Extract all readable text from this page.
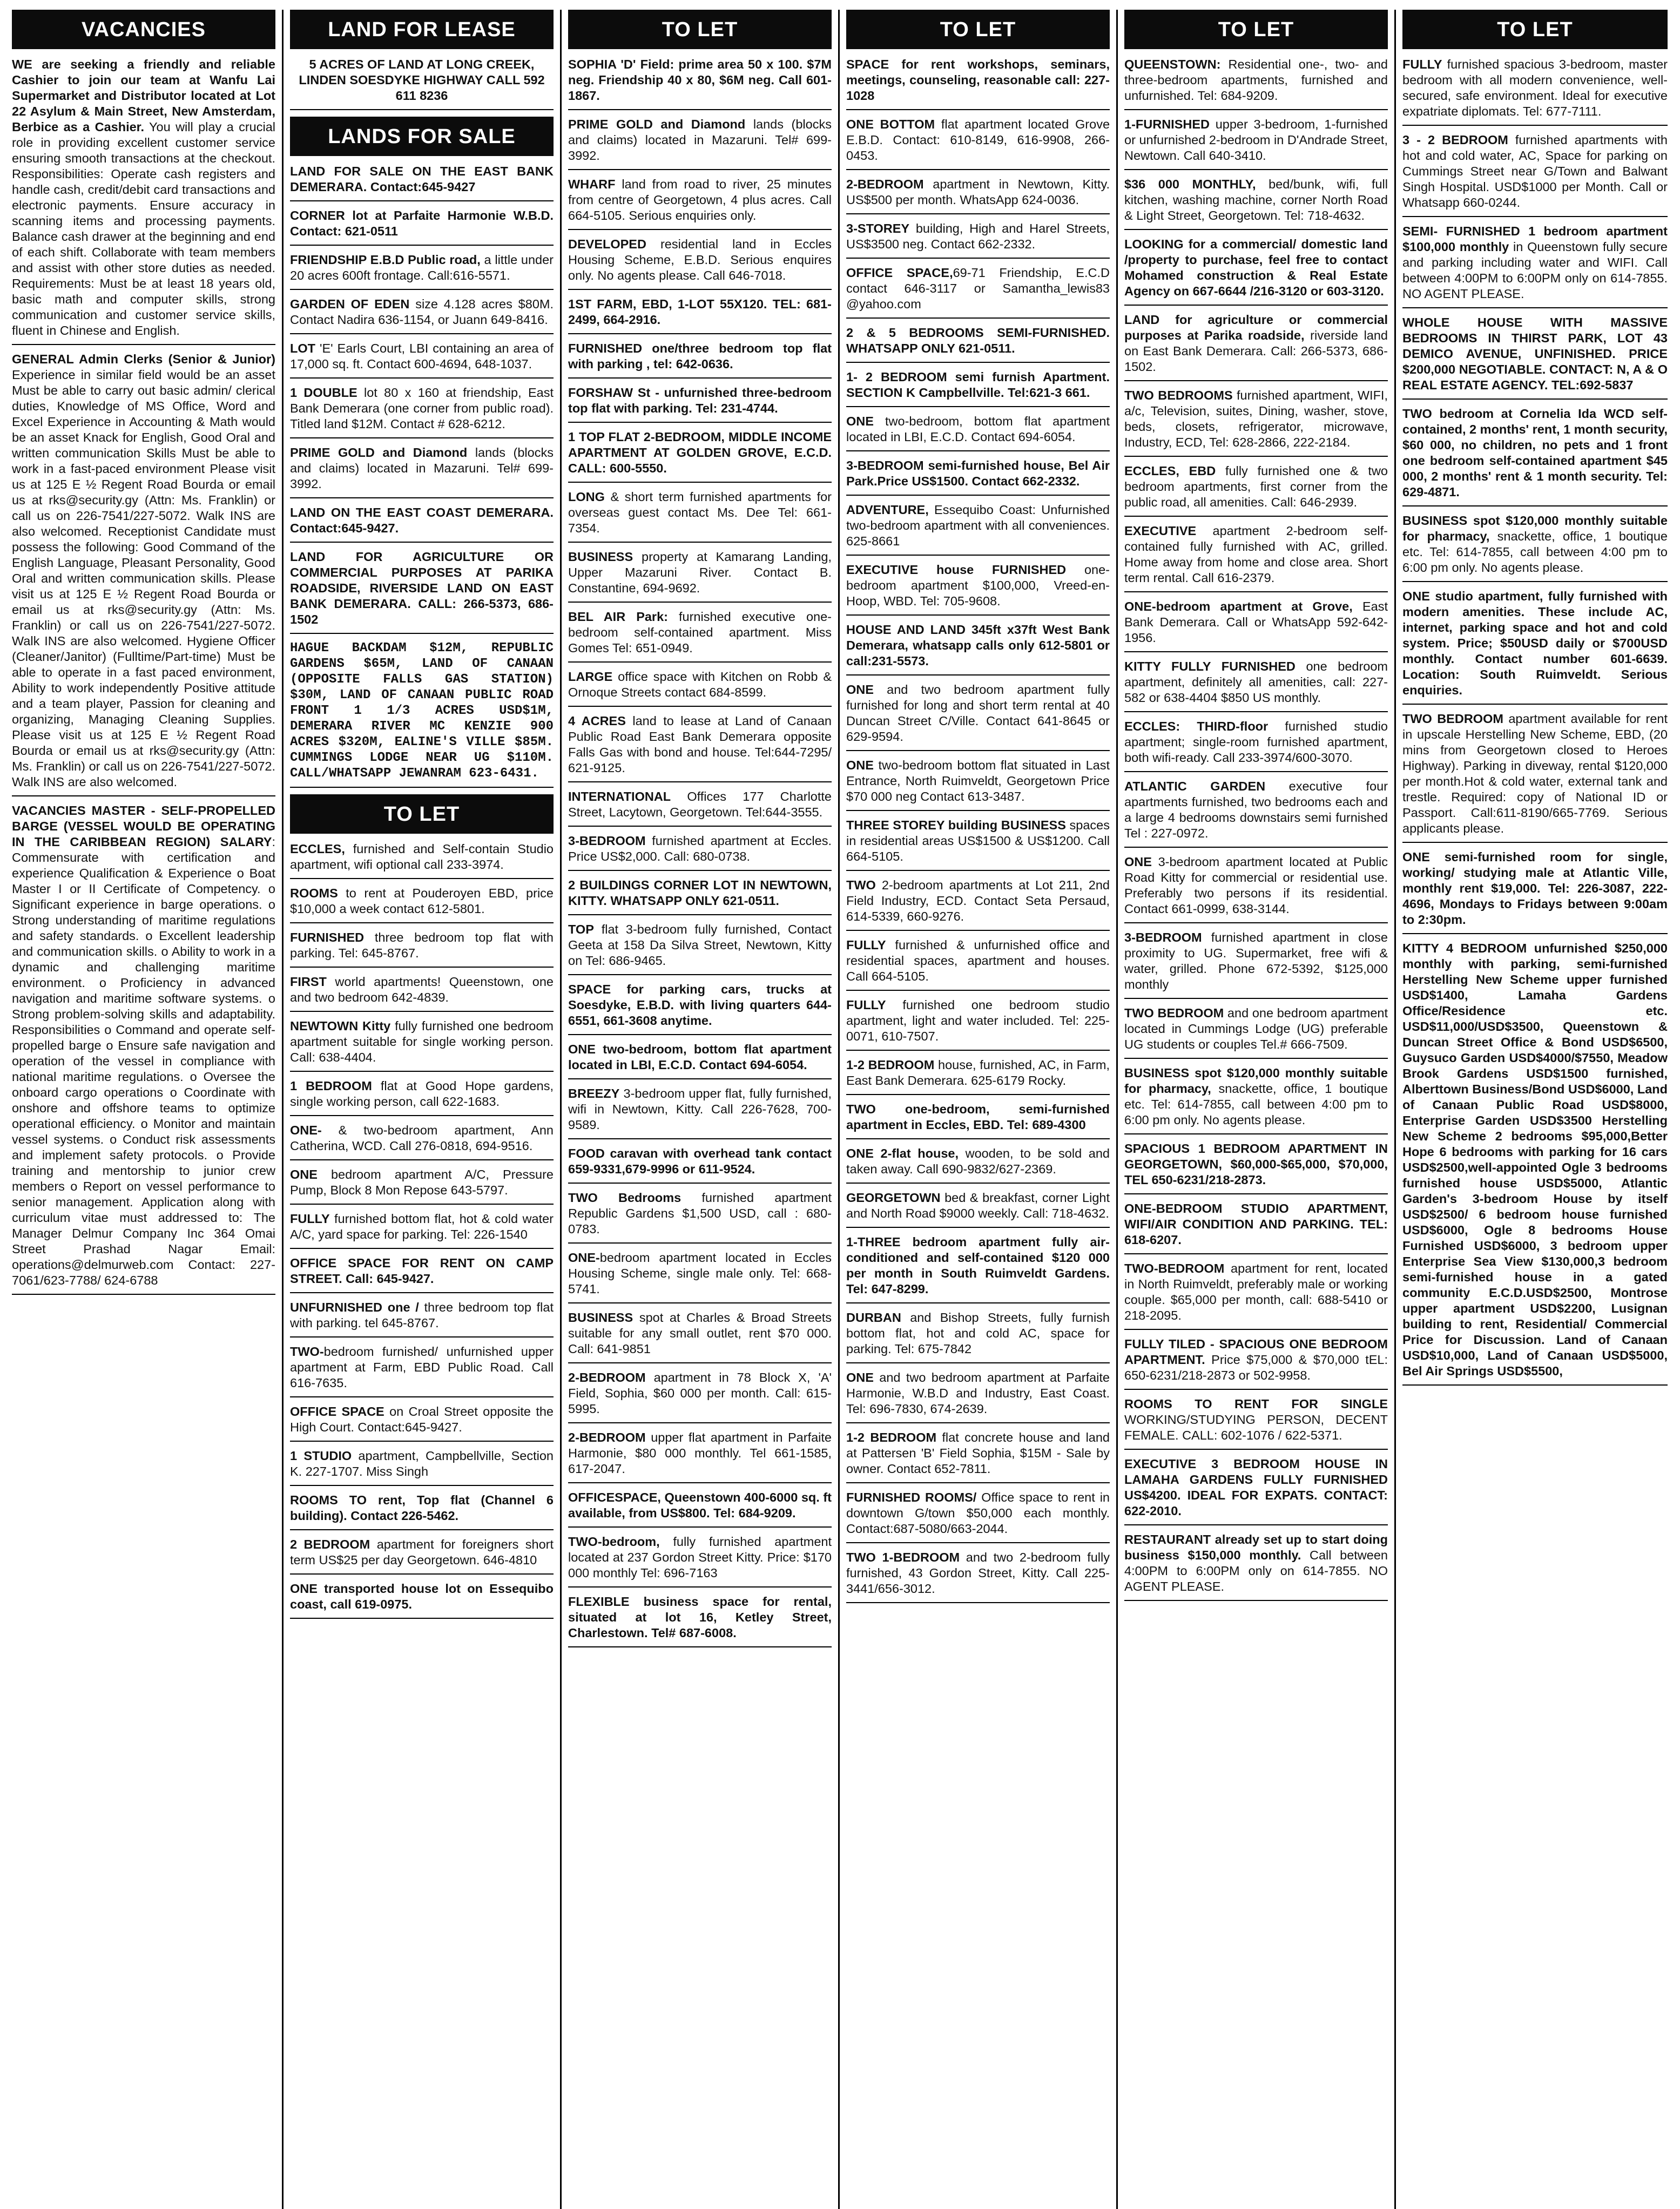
VACANCIES
WE are seeking a friendly and reliable Cashier to join our team at Wanfu Lai Supermarket and Distributor located at Lot 22 Asylum & Main Street, New Amsterdam, Berbice as a Cashier. You will play a crucial role in providing excellent customer service ensuring smooth transactions at the checkout. Responsibilities: Operate cash registers and handle cash, credit/debit card transactions and electronic payments. Ensure accuracy in scanning items and processing payments. Balance cash drawer at the beginning and end of each shift. Collaborate with team members and assist with other store duties as needed. Requirements: Must be at least 18 years old, basic math and computer skills, strong communication and customer service skills, fluent in Chinese and English.
GENERAL Admin Clerks (Senior & Junior) Experience in similar field would be an asset Must be able to carry out basic admin/ clerical duties, Knowledge of MS Office, Word and Excel Experience in Accounting & Math would be an asset Knack for English, Good Oral and written communication Skills Must be able to work in a fast-paced environment Please visit us at 125 E ½ Regent Road Bourda or email us at rks@security.gy (Attn: Ms. Franklin) or call us on 226-7541/227-5072. Walk INS are also welcomed. Receptionist Candidate must possess the following: Good Command of the English Language, Pleasant Personality, Good Oral and written communication skills. Please visit us at 125 E ½ Regent Road Bourda or email us at rks@security.gy (Attn: Ms. Franklin) or call us on 226-7541/227-5072. Walk INS are also welcomed. Hygiene Officer (Cleaner/Janitor) (Fulltime/Part-time) Must be able to operate in a fast paced environment, Ability to work independently Positive attitude and a team player, Passion for cleaning and organizing, Managing Cleaning Supplies. Please visit us at 125 E ½ Regent Road Bourda or email us at rks@security.gy (Attn: Ms. Franklin) or call us on 226-7541/227-5072. Walk INS are also welcomed.
VACANCIES MASTER - SELF-PROPELLED BARGE (VESSEL WOULD BE OPERATING IN THE CARIBBEAN REGION) SALARY: Commensurate with certification and experience Qualification & Experience o Boat Master I or II Certificate of Competency. o Significant experience in barge operations. o Strong understanding of maritime regulations and safety standards. o Excellent leadership and communication skills. o Ability to work in a dynamic and challenging maritime environment. o Proficiency in advanced navigation and maritime software systems. o Strong problem-solving skills and adaptability. Responsibilities o Command and operate self-propelled barge o Ensure safe navigation and operation of the vessel in compliance with national maritime regulations. o Oversee the onboard cargo operations o Coordinate with onshore and offshore teams to optimize operational efficiency. o Monitor and maintain vessel systems. o Conduct risk assessments and implement safety protocols. o Provide training and mentorship to junior crew members o Report on vessel performance to senior management. Application along with curriculum vitae must addressed to: The Manager Delmur Company Inc 364 Omai Street Prashad Nagar Email: operations@delmurweb.com Contact: 227-7061/623-7788/ 624-6788
LAND FOR LEASE
5 ACRES OF LAND AT LONG CREEK, LINDEN SOESDYKE HIGHWAY CALL 592 611 8236
LANDS FOR SALE
LAND FOR SALE ON THE EAST BANK DEMERARA. Contact:645-9427
CORNER lot at Parfaite Harmonie W.B.D. Contact: 621-0511
FRIENDSHIP E.B.D Public road, a little under 20 acres 600ft frontage. Call:616-5571.
GARDEN OF EDEN size 4.128 acres $80M. Contact Nadira 636-1154, or Juann 649-8416.
LOT 'E' Earls Court, LBI containing an area of 17,000 sq. ft. Contact 600-4694, 648-1037.
1 DOUBLE lot 80 x 160 at friendship, East Bank Demerara (one corner from public road). Titled land $12M. Contact # 628-6212.
PRIME GOLD and Diamond lands (blocks and claims) located in Mazaruni. Tel# 699-3992.
LAND ON THE EAST COAST DEMERARA. Contact:645-9427.
LAND FOR AGRICULTURE OR COMMERCIAL PURPOSES AT PARIKA ROADSIDE, RIVERSIDE LAND ON EAST BANK DEMERARA. CALL: 266-5373, 686-1502
HAGUE BACKDAM $12M, REPUBLIC GARDENS $65M, LAND OF CANAAN (OPPOSITE FALLS GAS STATION) $30M, LAND OF CANAAN PUBLIC ROAD FRONT 1 1/3 ACRES USD$1M, DEMERARA RIVER MC KENZIE 900 ACRES $320M, EALINE'S VILLE $85M. CUMMINGS LODGE NEAR UG $110M. CALL/WHATSAPP JEWANRAM 623-6431.
TO LET
ECCLES, furnished and Self-contain Studio apartment, wifi optional call 233-3974.
ROOMS to rent at Pouderoyen EBD, price $10,000 a week contact 612-5801.
FURNISHED three bedroom top flat with parking. Tel: 645-8767.
FIRST world apartments! Queenstown, one and two bedroom 642-4839.
NEWTOWN Kitty fully furnished one bedroom apartment suitable for single working person. Call: 638-4404.
1 BEDROOM flat at Good Hope gardens, single working person, call 622-1683.
ONE- & two-bedroom apartment, Ann Catherina, WCD. Call 276-0818, 694-9516.
ONE bedroom apartment A/C, Pressure Pump, Block 8 Mon Repose 643-5797.
FULLY furnished bottom flat, hot & cold water A/C, yard space for parking. Tel: 226-1540
OFFICE SPACE FOR RENT ON CAMP STREET. Call: 645-9427.
UNFURNISHED one / three bedroom top flat with parking. tel 645-8767.
TWO-bedroom furnished/ unfurnished upper apartment at Farm, EBD Public Road. Call 616-7635.
OFFICE SPACE on Croal Street opposite the High Court. Contact:645-9427.
1 STUDIO apartment, Campbellville, Section K. 227-1707. Miss Singh
ROOMS TO rent, Top flat (Channel 6 building). Contact 226-5462.
2 BEDROOM apartment for foreigners short term US$25 per day Georgetown. 646-4810
ONE transported house lot on Essequibo coast, call 619-0975.
TO LET
SOPHIA 'D' Field: prime area 50 x 100. $7M neg. Friendship 40 x 80, $6M neg. Call 601-1867.
PRIME GOLD and Diamond lands (blocks and claims) located in Mazaruni. Tel# 699-3992.
WHARF land from road to river, 25 minutes from centre of Georgetown, 4 plus acres. Call 664-5105. Serious enquiries only.
DEVELOPED residential land in Eccles Housing Scheme, E.B.D. Serious enquires only. No agents please. Call 646-7018.
1ST FARM, EBD, 1-LOT 55X120. TEL: 681-2499, 664-2916.
FURNISHED one/three bedroom top flat with parking , tel: 642-0636.
FORSHAW St - unfurnished three-bedroom top flat with parking. Tel: 231-4744.
1 TOP FLAT 2-BEDROOM, MIDDLE INCOME APARTMENT AT GOLDEN GROVE, E.C.D. CALL: 600-5550.
LONG & short term furnished apartments for overseas guest contact Ms. Dee Tel: 661-7354.
BUSINESS property at Kamarang Landing, Upper Mazaruni River. Contact B. Constantine, 694-9692.
BEL AIR Park: furnished executive one-bedroom self-contained apartment. Miss Gomes Tel: 651-0949.
LARGE office space with Kitchen on Robb & Ornoque Streets contact 684-8599.
4 ACRES land to lease at Land of Canaan Public Road East Bank Demerara opposite Falls Gas with bond and house. Tel:644-7295/ 621-9125.
INTERNATIONAL Offices 177 Charlotte Street, Lacytown, Georgetown. Tel:644-3555.
3-BEDROOM furnished apartment at Eccles. Price US$2,000. Call: 680-0738.
2 BUILDINGS CORNER LOT IN NEWTOWN, KITTY. WHATSAPP ONLY 621-0511.
TOP flat 3-bedroom fully furnished, Contact Geeta at 158 Da Silva Street, Newtown, Kitty on Tel: 686-9465.
SPACE for parking cars, trucks at Soesdyke, E.B.D. with living quarters 644-6551, 661-3608 anytime.
ONE two-bedroom, bottom flat apartment located in LBI, E.C.D. Contact 694-6054.
BREEZY 3-bedroom upper flat, fully furnished, wifi in Newtown, Kitty. Call 226-7628, 700-9589.
FOOD caravan with overhead tank contact 659-9331,679-9996 or 611-9524.
TWO Bedrooms furnished apartment Republic Gardens $1,500 USD, call : 680-0783.
ONE-bedroom apartment located in Eccles Housing Scheme, single male only. Tel: 668-5741.
BUSINESS spot at Charles & Broad Streets suitable for any small outlet, rent $70 000. Call: 641-9851
2-BEDROOM apartment in 78 Block X, 'A' Field, Sophia, $60 000 per month. Call: 615-5995.
2-BEDROOM upper flat apartment in Parfaite Harmonie, $80 000 monthly. Tel 661-1585, 617-2047.
OFFICESPACE, Queenstown 400-6000 sq. ft available, from US$800. Tel: 684-9209.
TWO-bedroom, fully furnished apartment located at 237 Gordon Street Kitty. Price: $170 000 monthly Tel: 696-7163
FLEXIBLE business space for rental, situated at lot 16, Ketley Street, Charlestown. Tel# 687-6008.
TO LET
SPACE for rent workshops, seminars, meetings, counseling, reasonable call: 227-1028
ONE BOTTOM flat apartment located Grove E.B.D. Contact: 610-8149, 616-9908, 266-0453.
2-BEDROOM apartment in Newtown, Kitty. US$500 per month. WhatsApp 624-0036.
3-STOREY building, High and Harel Streets, US$3500 neg. Contact 662-2332.
OFFICE SPACE,69-71 Friendship, E.C.D contact 646-3117 or Samantha_lewis83 @yahoo.com
2 & 5 BEDROOMS SEMI-FURNISHED. WHATSAPP ONLY 621-0511.
1- 2 BEDROOM semi furnish Apartment. SECTION K Campbellville. Tel:621-3 661.
ONE two-bedroom, bottom flat apartment located in LBI, E.C.D. Contact 694-6054.
3-BEDROOM semi-furnished house, Bel Air Park.Price US$1500. Contact 662-2332.
ADVENTURE, Essequibo Coast: Unfurnished two-bedroom apartment with all conveniences. 625-8661
EXECUTIVE house FURNISHED one-bedroom apartment $100,000, Vreed-en-Hoop, WBD. Tel: 705-9608.
HOUSE AND LAND 345ft x37ft West Bank Demerara, whatsapp calls only 612-5801 or call:231-5573.
ONE and two bedroom apartment fully furnished for long and short term rental at 40 Duncan Street C/Ville. Contact 641-8645 or 629-9594.
ONE two-bedroom bottom flat situated in Last Entrance, North Ruimveldt, Georgetown Price $70 000 neg Contact 613-3487.
THREE STOREY building BUSINESS spaces in residential areas US$1500 & US$1200. Call 664-5105.
TWO 2-bedroom apartments at Lot 211, 2nd Field Industry, ECD. Contact Seta Persaud, 614-5339, 660-9276.
FULLY furnished & unfurnished office and residential spaces, apartment and houses. Call 664-5105.
FULLY furnished one bedroom studio apartment, light and water included. Tel: 225-0071, 610-7507.
1-2 BEDROOM house, furnished, AC, in Farm, East Bank Demerara. 625-6179 Rocky.
TWO one-bedroom, semi-furnished apartment in Eccles, EBD. Tel: 689-4300
ONE 2-flat house, wooden, to be sold and taken away. Call 690-9832/627-2369.
GEORGETOWN bed & breakfast, corner Light and North Road $9000 weekly. Call: 718-4632.
1-THREE bedroom apartment fully air-conditioned and self-contained $120 000 per month in South Ruimveldt Gardens. Tel: 647-8299.
DURBAN and Bishop Streets, fully furnish bottom flat, hot and cold AC, space for parking. Tel: 675-7842
ONE and two bedroom apartment at Parfaite Harmonie, W.B.D and Industry, East Coast. Tel: 696-7830, 674-2639.
1-2 BEDROOM flat concrete house and land at Pattersen 'B' Field Sophia, $15M - Sale by owner. Contact 652-7811.
FURNISHED ROOMS/ Office space to rent in downtown G/town $50,000 each monthly. Contact:687-5080/663-2044.
TWO 1-BEDROOM and two 2-bedroom fully furnished, 43 Gordon Street, Kitty. Call 225- 3441/656-3012.
TO LET
QUEENSTOWN: Residential one-, two- and three-bedroom apartments, furnished and unfurnished. Tel: 684-9209.
1-FURNISHED upper 3-bedroom, 1-furnished or unfurnished 2-bedroom in D'Andrade Street, Newtown. Call 640-3410.
$36 000 MONTHLY, bed/bunk, wifi, full kitchen, washing machine, corner North Road & Light Street, Georgetown. Tel: 718-4632.
LOOKING for a commercial/ domestic land /property to purchase, feel free to contact Mohamed construction & Real Estate Agency on 667-6644 /216-3120 or 603-3120.
LAND for agriculture or commercial purposes at Parika roadside, riverside land on East Bank Demerara. Call: 266-5373, 686-1502.
TWO BEDROOMS furnished apartment, WIFI, a/c, Television, suites, Dining, washer, stove, beds, closets, refrigerator, microwave, Industry, ECD, Tel: 628-2866, 222-2184.
ECCLES, EBD fully furnished one & two bedroom apartments, first corner from the public road, all amenities. Call: 646-2939.
EXECUTIVE apartment 2-bedroom self-contained fully furnished with AC, grilled. Home away from home and close area. Short term rental. Call 616-2379.
ONE-bedroom apartment at Grove, East Bank Demerara. Call or WhatsApp 592-642-1956.
KITTY FULLY FURNISHED one bedroom apartment, definitely all amenities, call: 227-582 or 638-4404 $850 US monthly.
ECCLES: THIRD-floor furnished studio apartment; single-room furnished apartment, both wifi-ready. Call 233-3974/600-3070.
ATLANTIC GARDEN executive four apartments furnished, two bedrooms each and a large 4 bedrooms downstairs semi furnished Tel : 227-0972.
ONE 3-bedroom apartment located at Public Road Kitty for commercial or residential use. Preferably two persons if its residential. Contact 661-0999, 638-3144.
3-BEDROOM furnished apartment in close proximity to UG. Supermarket, free wifi & water, grilled. Phone 672-5392, $125,000 monthly
TWO BEDROOM and one bedroom apartment located in Cummings Lodge (UG) preferable UG students or couples Tel.# 666-7509.
BUSINESS spot $120,000 monthly suitable for pharmacy, snackette, office, 1 boutique etc. Tel: 614-7855, call between 4:00 pm to 6:00 pm only. No agents please.
SPACIOUS 1 BEDROOM APARTMENT IN GEORGETOWN, $60,000-$65,000, $70,000, TEL 650-6231/218-2873.
ONE-BEDROOM STUDIO APARTMENT, WIFI/AIR CONDITION AND PARKING. TEL: 618-6207.
TWO-BEDROOM apartment for rent, located in North Ruimveldt, preferably male or working couple. $65,000 per month, call: 688-5410 or 218-2095.
FULLY TILED - SPACIOUS ONE BEDROOM APARTMENT. Price $75,000 & $70,000 tEL: 650-6231/218-2873 or 502-9958.
ROOMS TO RENT FOR SINGLE WORKING/STUDYING PERSON, DECENT FEMALE. CALL: 602-1076 / 622-5371.
EXECUTIVE 3 BEDROOM HOUSE IN LAMAHA GARDENS FULLY FURNISHED US$4200. IDEAL FOR EXPATS. CONTACT: 622-2010.
RESTAURANT already set up to start doing business $150,000 monthly. Call between 4:00PM to 6:00PM only on 614-7855. NO AGENT PLEASE.
TO LET
FULLY furnished spacious 3-bedroom, master bedroom with all modern convenience, well-secured, safe environment. Ideal for executive expatriate diplomats. Tel: 677-7111.
3 - 2 BEDROOM furnished apartments with hot and cold water, AC, Space for parking on Cummings Street near G/Town and Balwant Singh Hospital. USD$1000 per Month. Call or Whatsapp 660-0244.
SEMI- FURNISHED 1 bedroom apartment $100,000 monthly in Queenstown fully secure and parking including water and WIFI. Call between 4:00PM to 6:00PM only on 614-7855. NO AGENT PLEASE.
WHOLE HOUSE WITH MASSIVE BEDROOMS IN THIRST PARK, LOT 43 DEMICO AVENUE, UNFINISHED. PRICE $200,000 NEGOTIABLE. CONTACT: N, A & O REAL ESTATE AGENCY. TEL:692-5837
TWO bedroom at Cornelia Ida WCD self-contained, 2 months' rent, 1 month security, $60 000, no children, no pets and 1 front one bedroom self-contained apartment $45 000, 2 months' rent & 1 month security. Tel: 629-4871.
BUSINESS spot $120,000 monthly suitable for pharmacy, snackette, office, 1 boutique etc. Tel: 614-7855, call between 4:00 pm to 6:00 pm only. No agents please.
ONE studio apartment, fully furnished with modern amenities. These include AC, internet, parking space and hot and cold system. Price; $50USD daily or $700USD monthly. Contact number 601-6639. Location: South Ruimveldt. Serious enquiries.
TWO BEDROOM apartment available for rent in upscale Herstelling New Scheme, EBD, (20 mins from Georgetown closed to Heroes Highway). Parking in diveway, rental $120,000 per month.Hot & cold water, external tank and trestle. Required: copy of National ID or Passport. Call:611-8190/665-7769. Serious applicants please.
ONE semi-furnished room for single, working/ studying male at Atlantic Ville, monthly rent $19,000. Tel: 226-3087, 222-4696, Mondays to Fridays between 9:00am to 2:30pm.
KITTY 4 BEDROOM unfurnished $250,000 monthly with parking, semi-furnished Herstelling New Scheme upper furnished USD$1400, Lamaha Gardens Office/Residence etc. USD$11,000/USD$3500, Queenstown & Duncan Street Office & Bond USD$6500, Guysuco Garden USD$4000/$7550, Meadow Brook Gardens USD$1500 furnished, Alberttown Business/Bond USD$6000, Land of Canaan Public Road USD$8000, Enterprise Garden USD$3500 Herstelling New Scheme 2 bedrooms $95,000,Better Hope 6 bedrooms with parking for 16 cars USD$2500,well-appointed Ogle 3 bedrooms furnished house USD$5000, Atlantic Garden's 3-bedroom House by itself USD$2500/ 6 bedroom house furnished USD$6000, Ogle 8 bedrooms House Furnished USD$6000, 3 bedroom upper Enterprise Sea View $130,000,3 bedroom semi-furnished house in a gated community E.C.D.USD$2500, Montrose upper apartment USD$2200, Lusignan building to rent, Residential/ Commercial Price for Discussion. Land of Canaan USD$10,000, Land of Canaan USD$5000, Bel Air Springs USD$5500,
